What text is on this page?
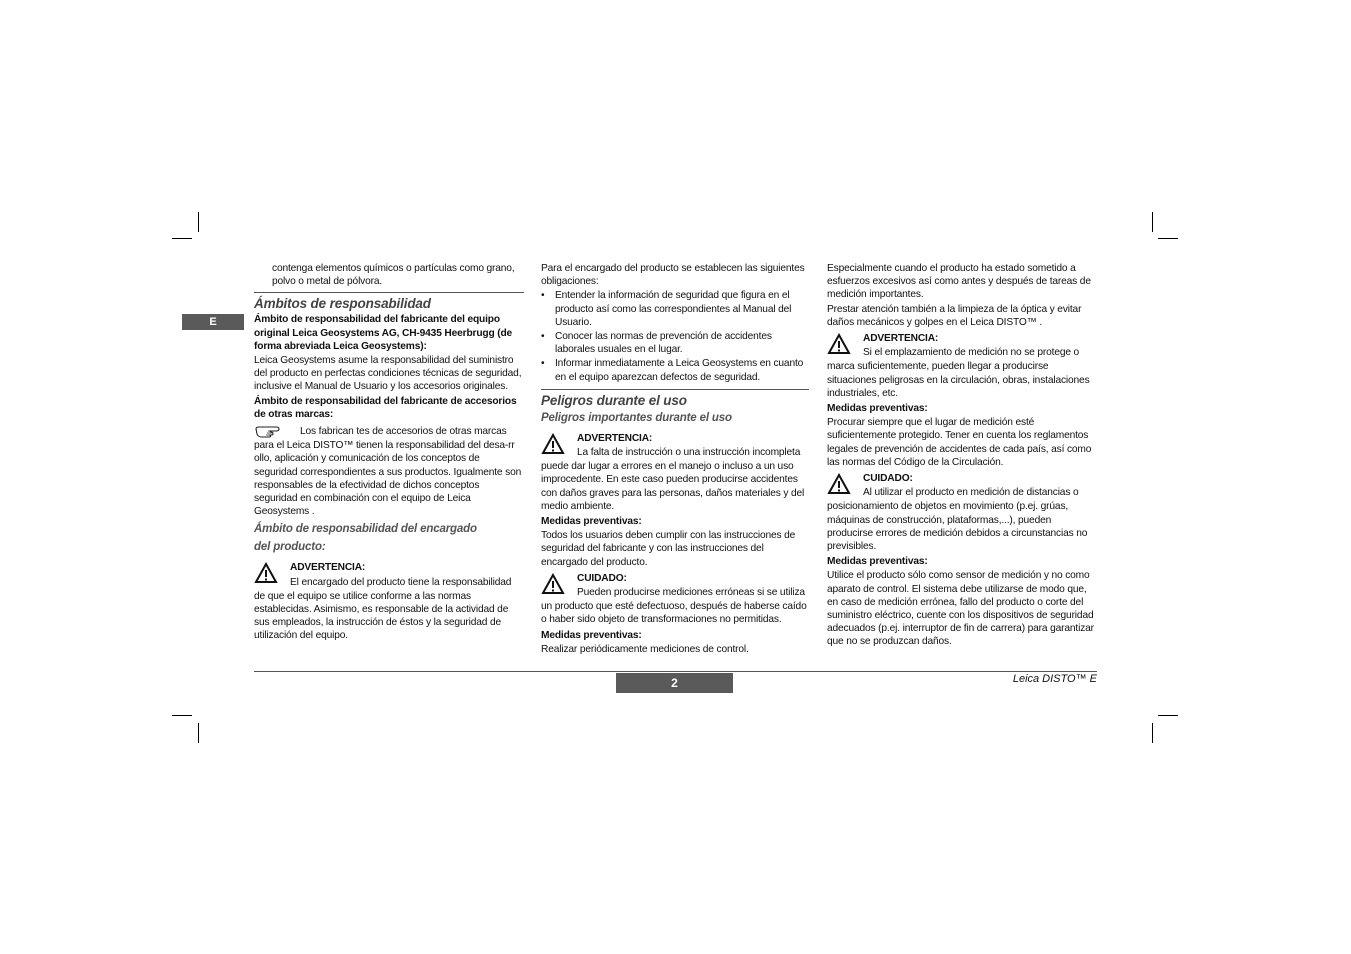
E

contenga elementos químicos o partículas como grano, polvo o metal de pólvora.

Ámbitos de responsabilidad

Ámbito de responsabilidad del fabricante del equipo original Leica Geosystems AG, CH-9435 Heerbrugg (de forma abreviada Leica Geosystems):

Leica Geosystems asume la responsabilidad del suministro del producto en perfectas condiciones técnicas de seguridad, inclusive el Manual de Usuario y los accesorios originales.

Ámbito de responsabilidad del fabricante de accesorios de otras marcas:

Los fabrican tes de accesorios de otras marcas

para el Leica DISTO™ tienen la responsabilidad del desa-rr ollo, aplicación y comunicación de los conceptos de seguridad correspondientes a sus productos. Igualmente son responsables de la efectividad de dichos conceptos seguridad en combinación con el equipo de Leica Geosystems .

Ámbito de responsabilidad del encargado

del producto:

ADVERTENCIA:

El encargado del producto tiene la responsabilidad

de que el equipo se utilice conforme a las normas establecidas. Asimismo, es responsable de la actividad de sus empleados, la instrucción de éstos y la seguridad de utilización del equipo.

Para el encargado del producto se establecen las siguientes obligaciones:

• Entender la información de seguridad que figura en el producto así como las correspondientes al Manual del Usuario.
• Conocer las normas de prevención de accidentes laborales usuales en el lugar.
• Informar inmediatamente a Leica Geosystems en cuanto en el equipo aparezcan defectos de seguridad.

Peligros durante el uso

Peligros importantes durante el uso

ADVERTENCIA:

La falta de instrucción o una instrucción incompleta

puede dar lugar a errores en el manejo o incluso a un uso improcedente. En este caso pueden producirse accidentes con daños graves para las personas, daños materiales y del medio ambiente.

Medidas preventivas:

Todos los usuarios deben cumplir con las instrucciones de seguridad del fabricante y con las instrucciones del encargado del producto.

CUIDADO:

Pueden producirse mediciones erróneas si se utiliza

un producto que esté defectuoso, después de haberse caído o haber sido objeto de transformaciones no permitidas.

Medidas preventivas:

Realizar periódicamente mediciones de control.

Especialmente cuando el producto ha estado sometido a esfuerzos excesivos así como antes y después de tareas de medición importantes.

Prestar atención también a la limpieza de la óptica y evitar daños mecánicos y golpes en el Leica DISTO™ .

ADVERTENCIA:

Si el emplazamiento de medición no se protege o

marca suficientemente, pueden llegar a producirse situaciones peligrosas en la circulación, obras, instalaciones industriales, etc.

Medidas preventivas:

Procurar siempre que el lugar de medición esté suficientemente protegido. Tener en cuenta los reglamentos legales de prevención de accidentes de cada país, así como las normas del Código de la Circulación.

CUIDADO:

Al utilizar el producto en medición de distancias o

posicionamiento de objetos en movimiento (p.ej. grúas, máquinas de construcción, plataformas,...), pueden producirse errores de medición debidos a circunstancias no previsibles.

Medidas preventivas:

Utilice el producto sólo como sensor de medición y no como aparato de control. El sistema debe utilizarse de modo que, en caso de medición errónea, fallo del producto o corte del suministro eléctrico, cuente con los dispositivos de seguridad adecuados (p.ej. interruptor de fin de carrera) para garantizar que no se produzcan daños.

2	Leica DISTO™ E
